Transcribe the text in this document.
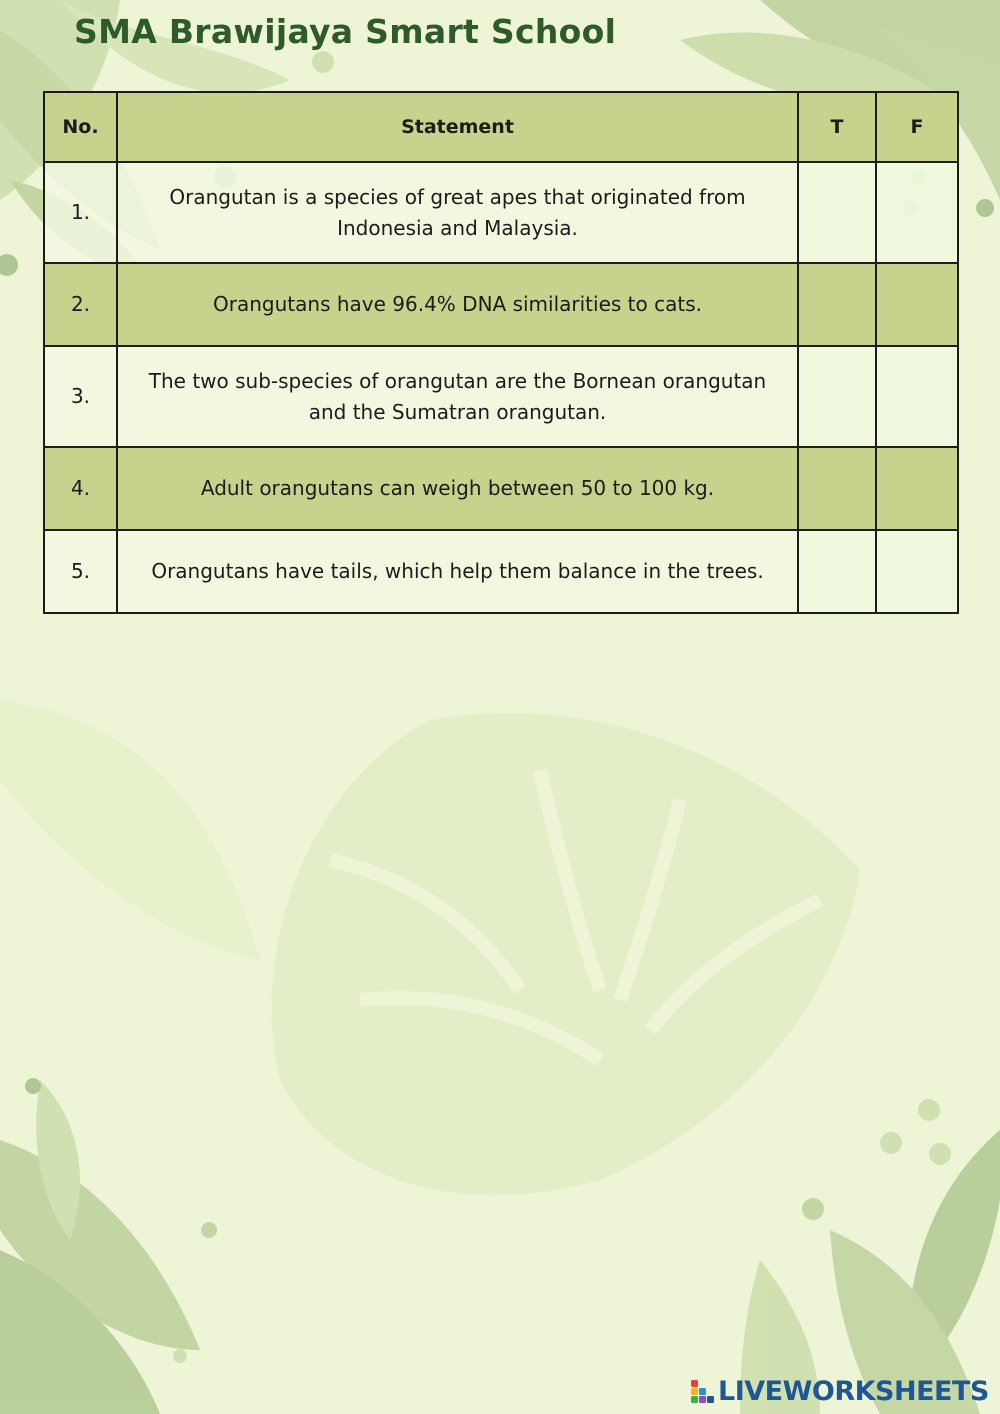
SMA Brawijaya Smart School
No.	Statement	T	F
1.	Orangutan is a species of great apes that originated from Indonesia and Malaysia.		
2.	Orangutans have 96.4% DNA similarities to cats.		
3.	The two sub-species of orangutan are the Bornean orangutan and the Sumatran orangutan.		
4.	Adult orangutans can weigh between 50 to 100 kg.		
5.	Orangutans have tails, which help them balance in the trees.		
LIVEWORKSHEETS
